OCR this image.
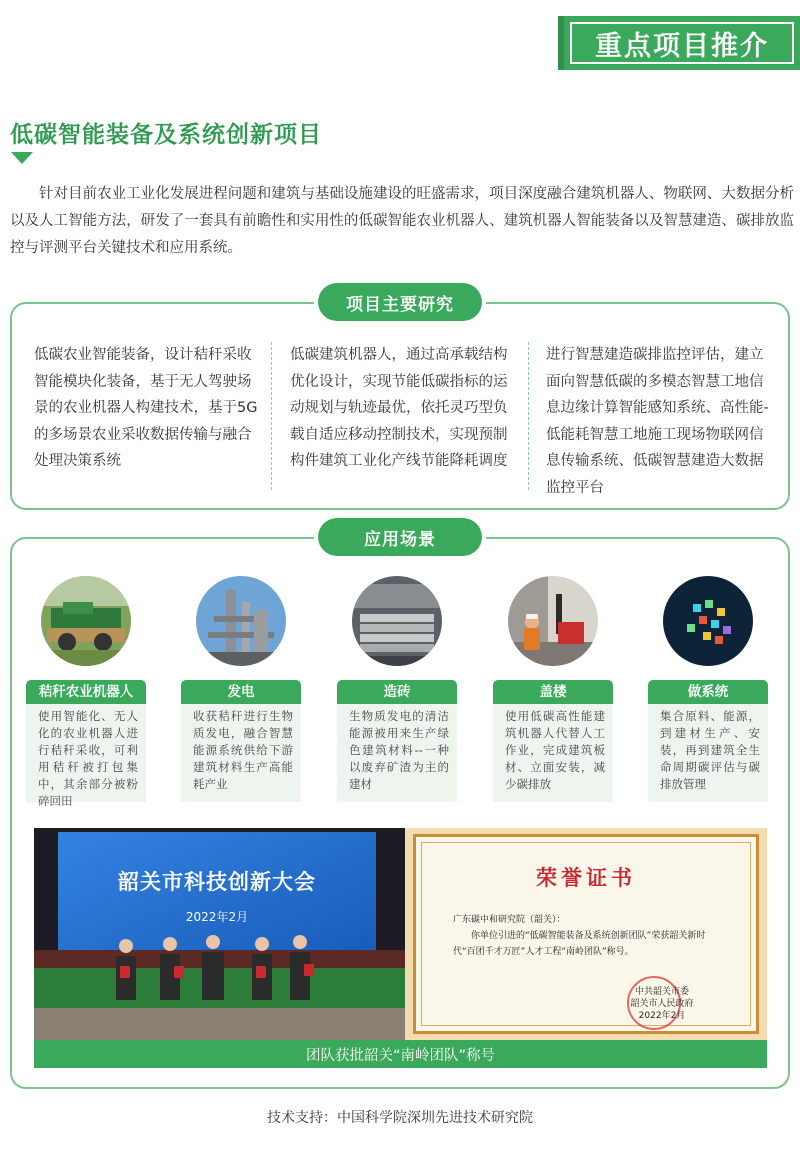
重点项目推介
低碳智能装备及系统创新项目

针对目前农业工业化发展进程问题和建筑与基础设施建设的旺盛需求，项目深度融合建筑机器人、物联网、大数据分析以及人工智能方法，研发了一套具有前瞻性和实用性的低碳智能农业机器人、建筑机器人智能装备以及智慧建造、碳排放监控与评测平台关键技术和应用系统。

项目主要研究

低碳农业智能装备，设计秸秆采收智能模块化装备，基于无人驾驶场景的农业机器人构建技术，基于5G的多场景农业采收数据传输与融合处理决策系统

低碳建筑机器人，通过高承载结构优化设计，实现节能低碳指标的运动规划与轨迹最优，依托灵巧型负载自适应移动控制技术，实现预制构件建筑工业化产线节能降耗调度

进行智慧建造碳排监控评估，建立面向智慧低碳的多模态智慧工地信息边缘计算智能感知系统、高性能-低能耗智慧工地施工现场物联网信息传输系统、低碳智慧建造大数据监控平台

应用场景
秸秆农业机器人
使用智能化、无人化的农业机器人进行秸秆采收，可利用秸秆被打包集中，其余部分被粉碎回田
发电
收获秸秆进行生物质发电，融合智慧能源系统供给下游建筑材料生产高能耗产业
造砖
生物质发电的清洁能源被用来生产绿色建筑材料--一种以废弃矿渣为主的建材
盖楼
使用低碳高性能建筑机器人代替人工作业，完成建筑板材、立面安装，减少碳排放
做系统
集合原料、能源，到建材生产、安装，再到建筑全生命周期碳评估与碳排放管理
韶关市科技创新大会
2022年2月
荣誉证书
广东碳中和研究院（韶关）：
你单位引进的“低碳智能装备及系统创新团队”荣获韶关新时代“百团千才万匠”人才工程“南岭团队”称号。
中共韶关市委
韶关市人民政府
2022年2月
团队获批韶关“南岭团队”称号
技术支持：中国科学院深圳先进技术研究院
